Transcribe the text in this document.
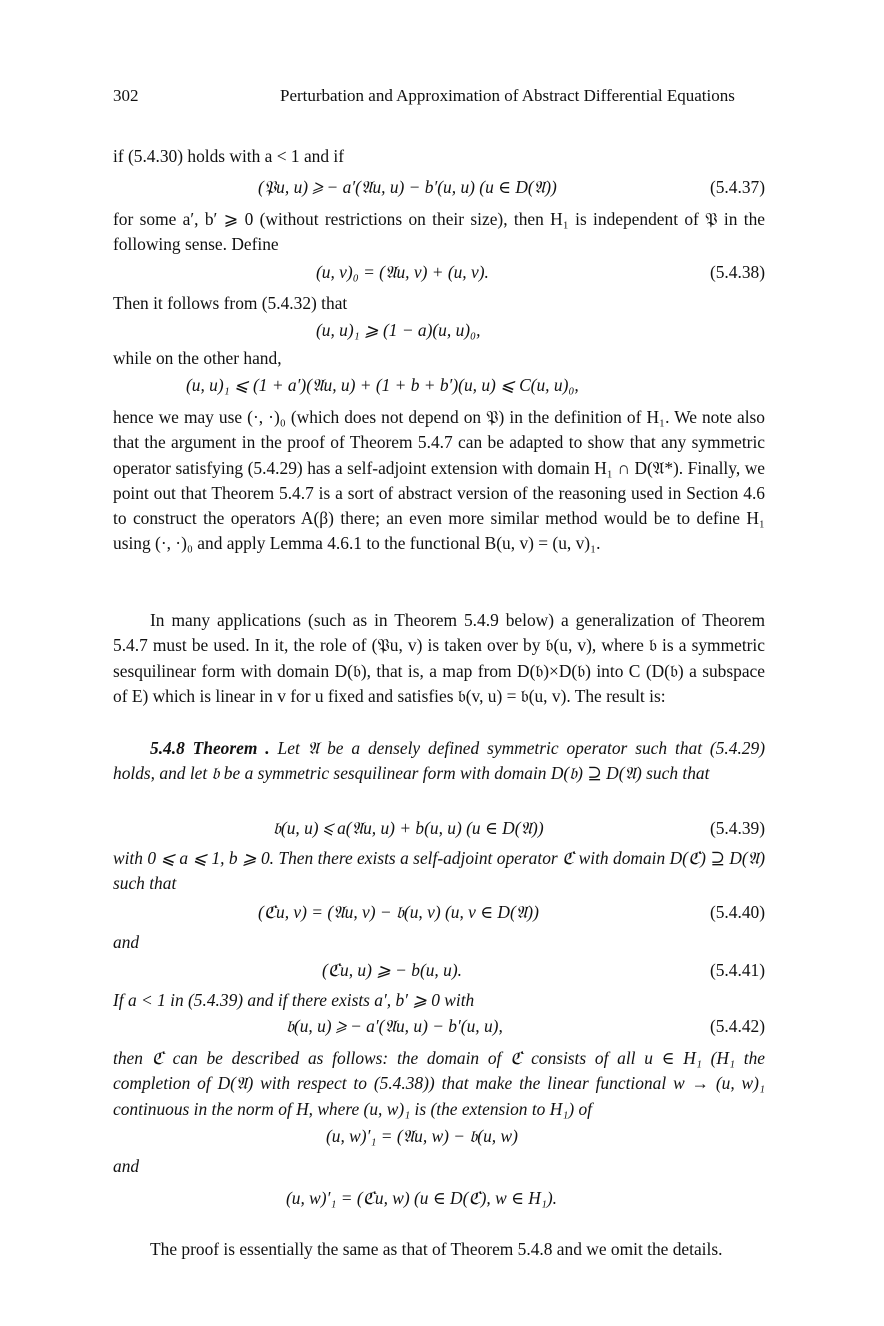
302	Perturbation and Approximation of Abstract Differential Equations

if (5.4.30) holds with a < 1 and if

(𝔓u, u) ⩾ − a′(𝔄u, u) − b′(u, u) (u ∈ D(𝔄))	(5.4.37)

for some a′, b′ ⩾ 0 (without restrictions on their size), then H₁ is independent of 𝔓 in the following sense. Define

(u, v)₀ = (𝔄u, v) + (u, v).	(5.4.38)

Then it follows from (5.4.32) that

(u, u)₁ ⩾ (1 − a)(u, u)₀,

while on the other hand,

(u, u)₁ ⩽ (1 + a′)(𝔄u, u) + (1 + b + b′)(u, u) ⩽ C(u, u)₀,

hence we may use (·, ·)₀ (which does not depend on 𝔓) in the definition of H₁. We note also that the argument in the proof of Theorem 5.4.7 can be adapted to show that any symmetric operator satisfying (5.4.29) has a self-adjoint extension with domain H₁ ∩ D(𝔄*). Finally, we point out that Theorem 5.4.7 is a sort of abstract version of the reasoning used in Section 4.6 to construct the operators A(β) there; an even more similar method would be to define H₁ using (·, ·)₀ and apply Lemma 4.6.1 to the functional B(u, v) = (u, v)₁.

In many applications (such as in Theorem 5.4.9 below) a generalization of Theorem 5.4.7 must be used. In it, the role of (𝔓u, v) is taken over by 𝔟(u, v), where 𝔟 is a symmetric sesquilinear form with domain D(𝔟), that is, a map from D(𝔟)×D(𝔟) into C (D(𝔟) a subspace of E) which is linear in v for u fixed and satisfies 𝔟(v, u) = 𝔟(u, v). The result is:

5.4.8 Theorem . Let 𝔄 be a densely defined symmetric operator such that (5.4.29) holds, and let 𝔟 be a symmetric sesquilinear form with domain D(𝔟) ⊇ D(𝔄) such that

𝔟(u, u) ⩽ a(𝔄u, u) + b(u, u) (u ∈ D(𝔄))	(5.4.39)

with 0 ⩽ a ⩽ 1, b ⩾ 0. Then there exists a self-adjoint operator ℭ with domain D(ℭ) ⊇ D(𝔄) such that

(ℭu, v) = (𝔄u, v) − 𝔟(u, v) (u, v ∈ D(𝔄))	(5.4.40)
and
(ℭu, u) ⩾ − b(u, u).	(5.4.41)

If a < 1 in (5.4.39) and if there exists a′, b′ ⩾ 0 with

𝔟(u, u) ⩾ − a′(𝔄u, u) − b′(u, u),	(5.4.42)

then ℭ can be described as follows: the domain of ℭ consists of all u ∈ H₁ (H₁ the completion of D(𝔄) with respect to (5.4.38)) that make the linear functional w → (u, w)₁ continuous in the norm of H, where (u, w)₁ is (the extension to H₁) of

(u, w)′₁ = (𝔄u, w) − 𝔟(u, w)
and
(u, w)′₁ = (ℭu, w) (u ∈ D(ℭ), w ∈ H₁).

The proof is essentially the same as that of Theorem 5.4.8 and we omit the details.
